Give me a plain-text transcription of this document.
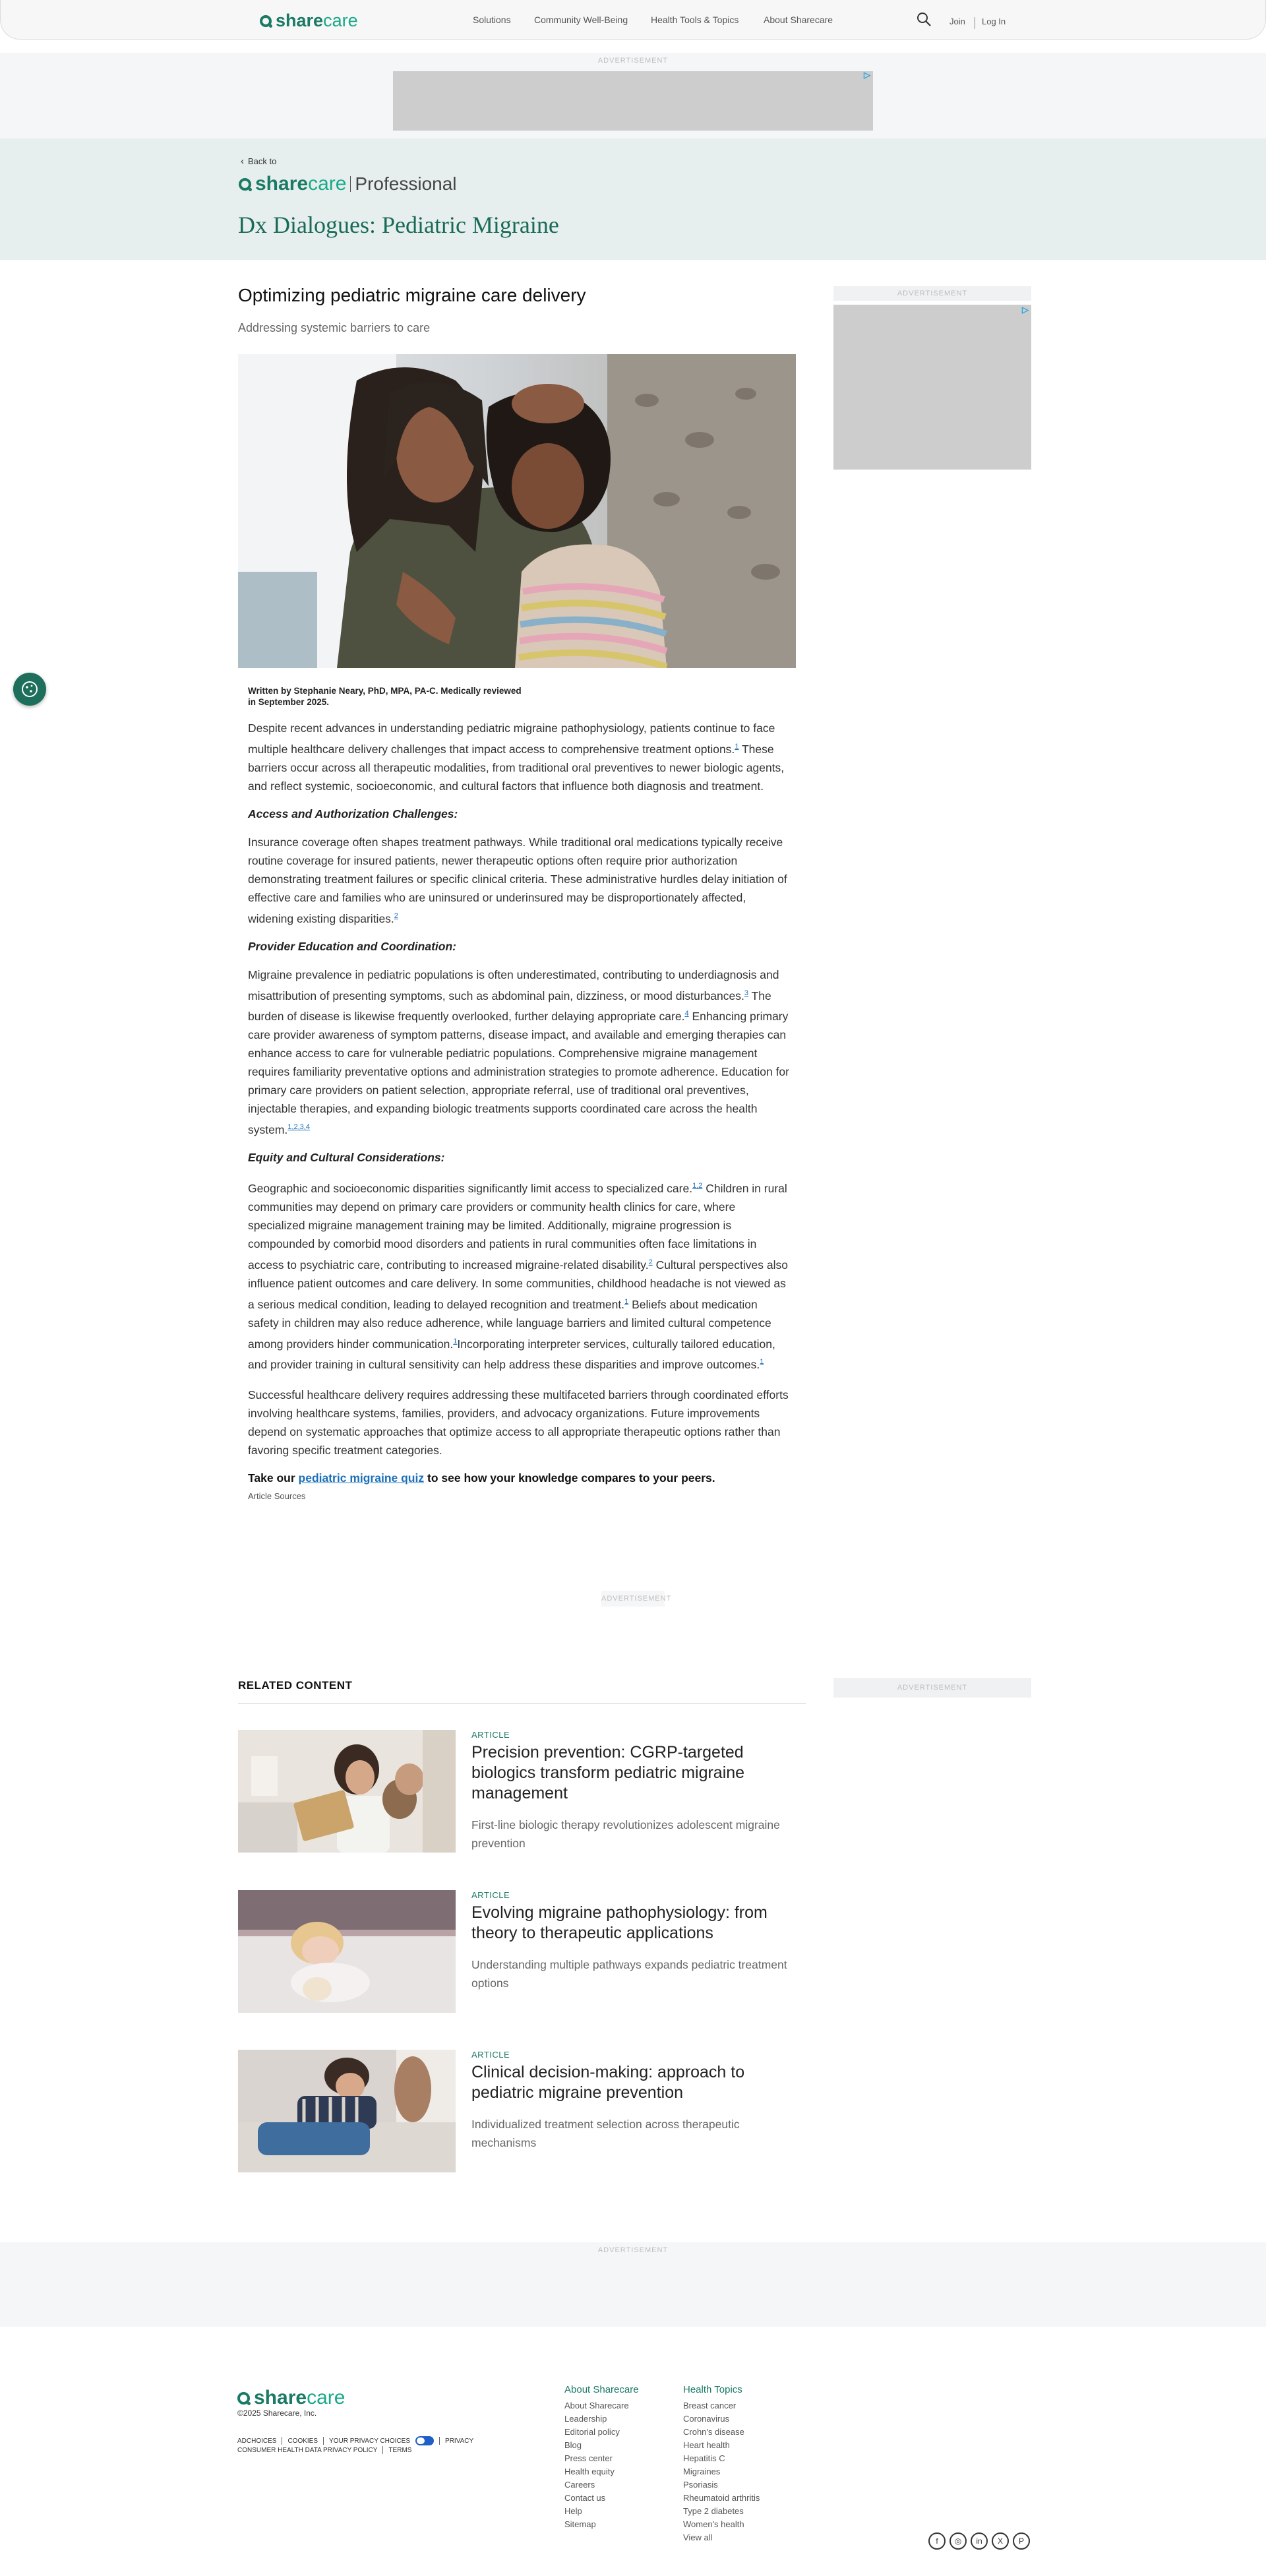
share care	Solutions	Community Well-Being Health Tools & Topics	About Sharecare	Join Log In
ADVERTISEMENT
▷
‹ Back to
share care Professional
Dx Dialogues: Pediatric Migraine
ADVERTISEMENT
▷
Optimizing pediatric migraine care delivery
Addressing systemic barriers to care
Written by Stephanie Neary, PhD, MPA, PA-C. Medically reviewed
in September 2025.

Despite recent advances in understanding pediatric migraine pathophysiology, patients continue to face multiple healthcare delivery challenges that impact access to comprehensive treatment options.$^1$ These barriers occur across all therapeutic modalities, from traditional oral preventives to newer biologic agents, and reflect systemic, socioeconomic, and cultural factors that influence both diagnosis and treatment.

Access and Authorization Challenges:

Insurance coverage often shapes treatment pathways. While traditional oral medications typically receive routine coverage for insured patients, newer therapeutic options often require prior authorization demonstrating treatment failures or specific clinical criteria. These administrative hurdles delay initiation of effective care and families who are uninsured or underinsured may be disproportionately affected, widening existing disparities.$^2$

Provider Education and Coordination:

Migraine prevalence in pediatric populations is often underestimated, contributing to underdiagnosis and misattribution of presenting symptoms, such as abdominal pain, dizziness, or mood disturbances.$^3$ The burden of disease is likewise frequently overlooked, further delaying appropriate care.$^4$ Enhancing primary care provider awareness of symptom patterns, disease impact, and available and emerging therapies can enhance access to care for vulnerable pediatric populations. Comprehensive migraine management requires familiarity preventative options and administration strategies to promote adherence. Education for primary care providers on patient selection, appropriate referral, use of traditional oral preventives, injectable therapies, and expanding biologic treatments supports coordinated care across the health system.$^{1,2,3,4}$

Equity and Cultural Considerations:

Geographic and socioeconomic disparities significantly limit access to specialized care.$^{1,2}$ Children in rural communities may depend on primary care providers or community health clinics for care, where specialized migraine management training may be limited. Additionally, migraine progression is compounded by comorbid mood disorders and patients in rural communities often face limitations in access to psychiatric care, contributing to increased migraine-related disability.$^2$ Cultural perspectives also influence patient outcomes and care delivery. In some communities, childhood headache is not viewed as a serious medical condition, leading to delayed recognition and treatment.$^1$ Beliefs about medication safety in children may also reduce adherence, while language barriers and limited cultural competence among providers hinder communication.$^1$Incorporating interpreter services, culturally tailored education, and provider training in cultural sensitivity can help address these disparities and improve outcomes.$^1$

Successful healthcare delivery requires addressing these multifaceted barriers through coordinated efforts involving healthcare systems, families, providers, and advocacy organizations. Future improvements depend on systematic approaches that optimize access to all appropriate therapeutic options rather than favoring specific treatment categories.

Take our pediatric migraine quiz to see how your knowledge compares to your peers.

Article Sources
ADVERTISEMENT
RELATED CONTENT	ADVERTISEMENT
ARTICLE
Precision prevention: CGRP-targeted biologics transform pediatric migraine management
First-line biologic therapy revolutionizes adolescent migraine prevention
ARTICLE
Evolving migraine pathophysiology: from theory to therapeutic applications
Understanding multiple pathways expands pediatric treatment options
ARTICLE
Clinical decision-making: approach to pediatric migraine prevention
Individualized treatment selection across therapeutic mechanisms
ADVERTISEMENT
share care
©2025 Sharecare, Inc.
ADCHOICES COOKIES YOUR PRIVACY CHOICES	PRIVACY
CONSUMER HEALTH DATA PRIVACY POLICY TERMS
About Sharecare
About Sharecare
Leadership
Editorial policy
Blog
Press center
Health equity
Careers
Contact us
Help
Sitemap
Health Topics
Breast cancer
Coronavirus
Crohn's disease
Heart health
Hepatitis C
Migraines
Psoriasis
Rheumatoid arthritis
Type 2 diabetes
Women's health
View all	f	◎	in	X	P
